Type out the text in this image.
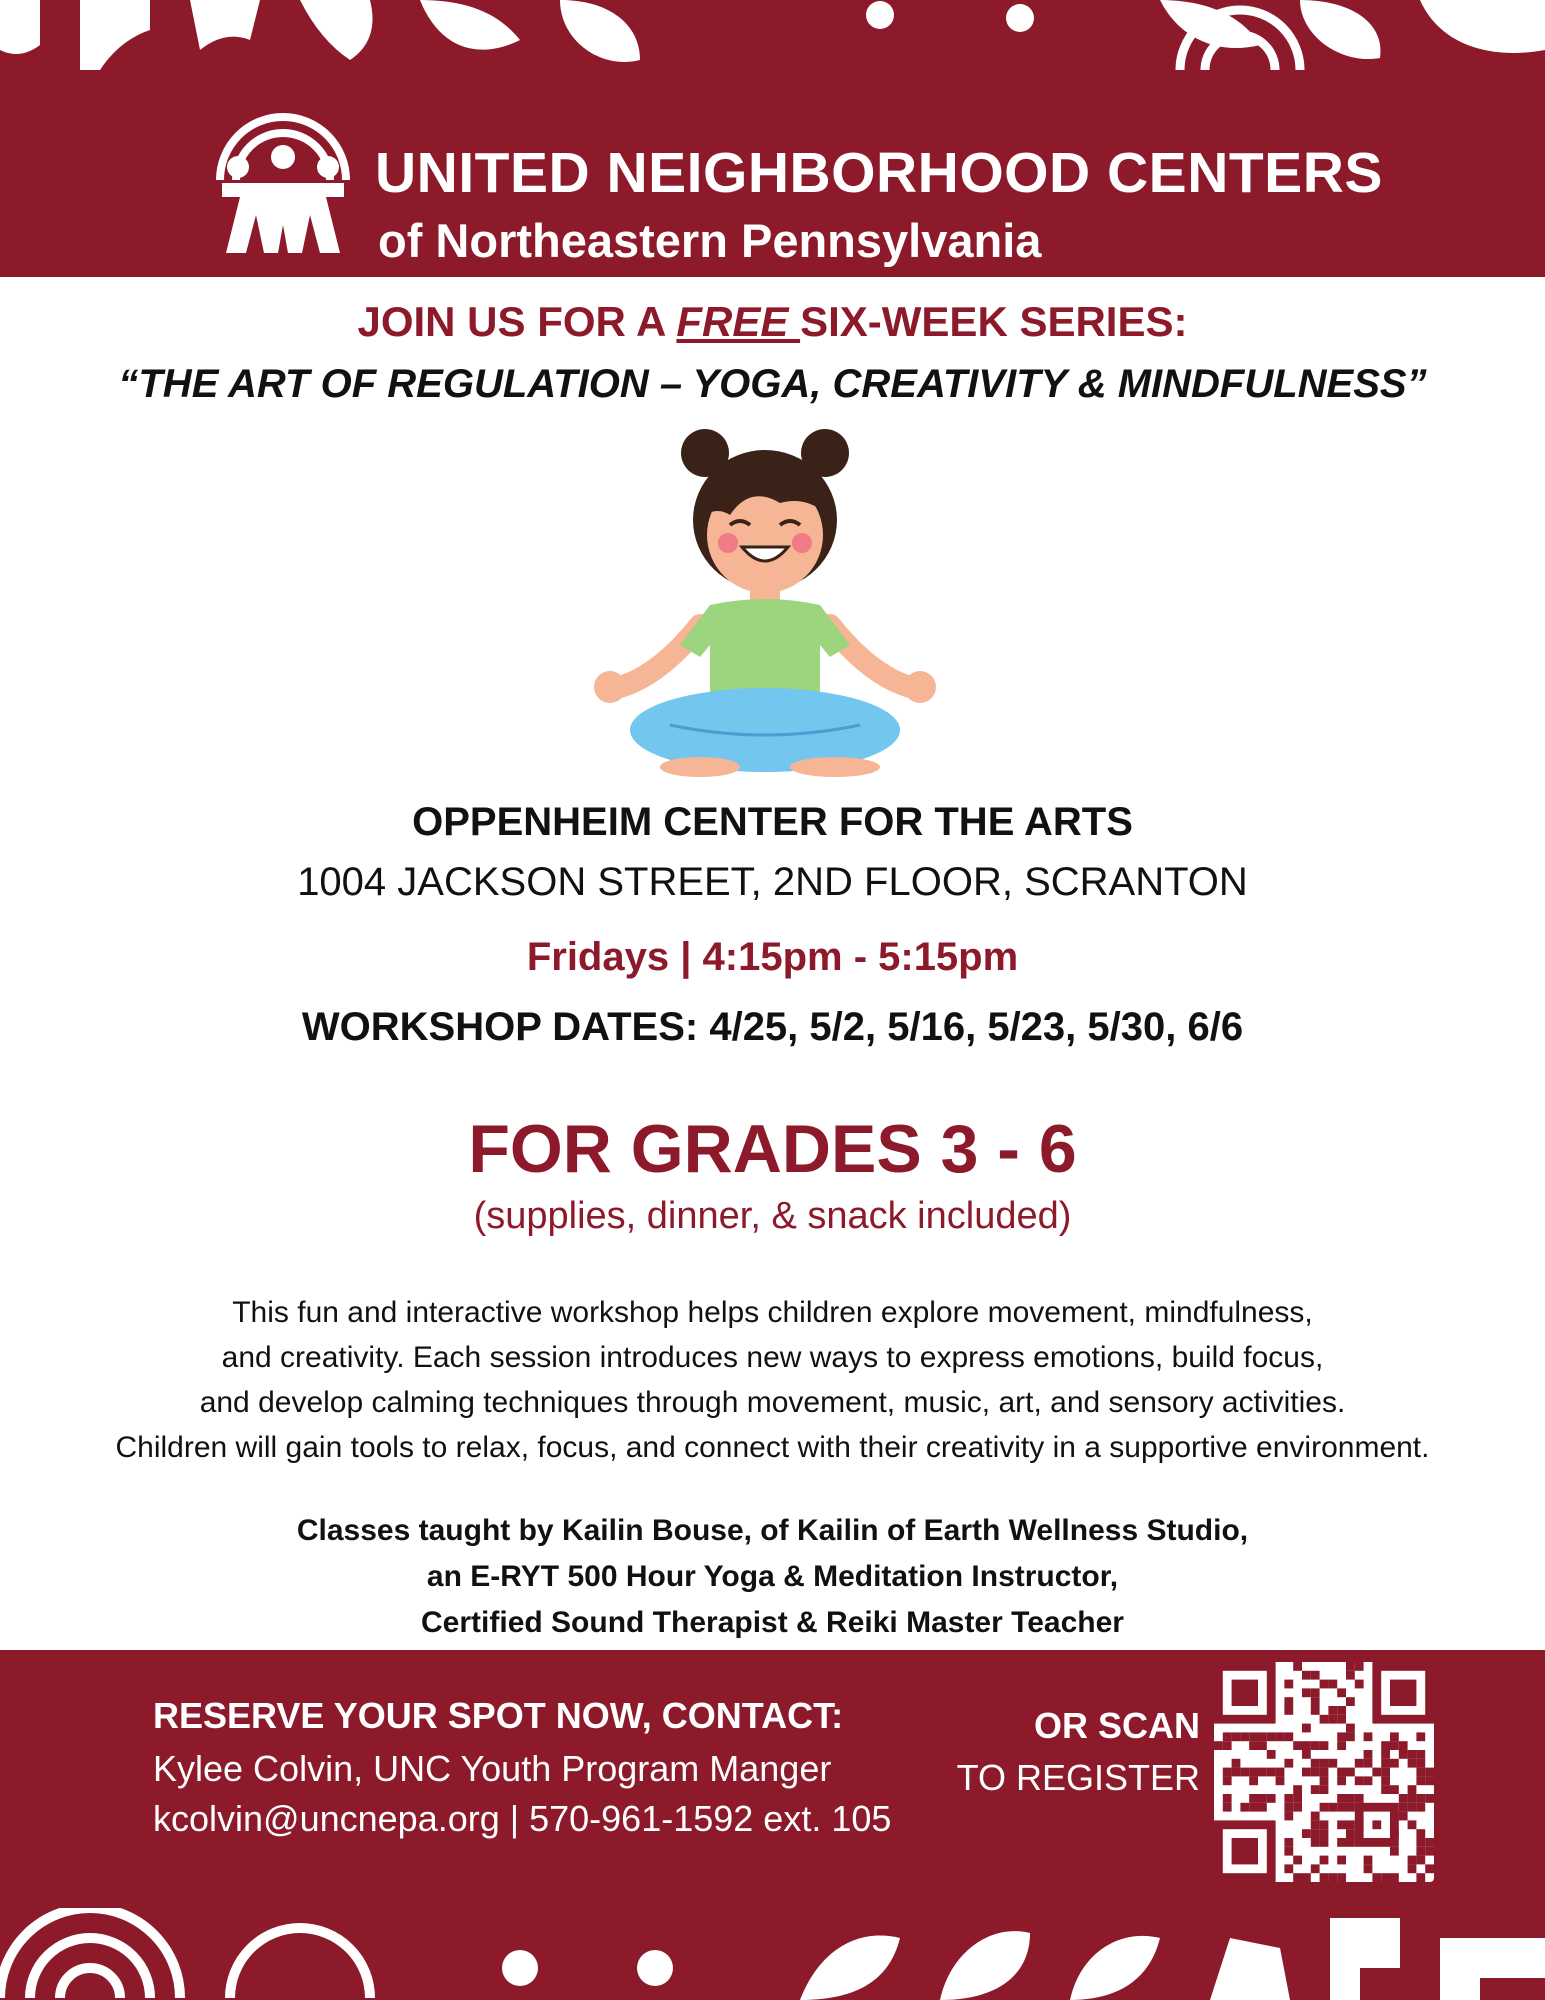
UNITED NEIGHBORHOOD CENTERS
of Northeastern Pennsylvania
JOIN US FOR A FREE SIX-WEEK SERIES:
“THE ART OF REGULATION – YOGA, CREATIVITY & MINDFULNESS”
OPPENHEIM CENTER FOR THE ARTS
1004 JACKSON STREET, 2ND FLOOR, SCRANTON
Fridays | 4:15pm - 5:15pm
WORKSHOP DATES: 4/25, 5/2, 5/16, 5/23, 5/30, 6/6
FOR GRADES 3 - 6
(supplies, dinner, & snack included)

This fun and interactive workshop helps children explore movement, mindfulness,

and creativity. Each session introduces new ways to express emotions, build focus,

and develop calming techniques through movement, music, art, and sensory activities.

Children will gain tools to relax, focus, and connect with their creativity in a supportive environment.

Classes taught by Kailin Bouse, of Kailin of Earth Wellness Studio,

an E-RYT 500 Hour Yoga & Meditation Instructor,

Certified Sound Therapist & Reiki Master Teacher

RESERVE YOUR SPOT NOW, CONTACT:
Kylee Colvin, UNC Youth Program Manger
kcolvin@uncnepa.org | 570-961-1592 ext. 105
OR SCAN
TO REGISTER
